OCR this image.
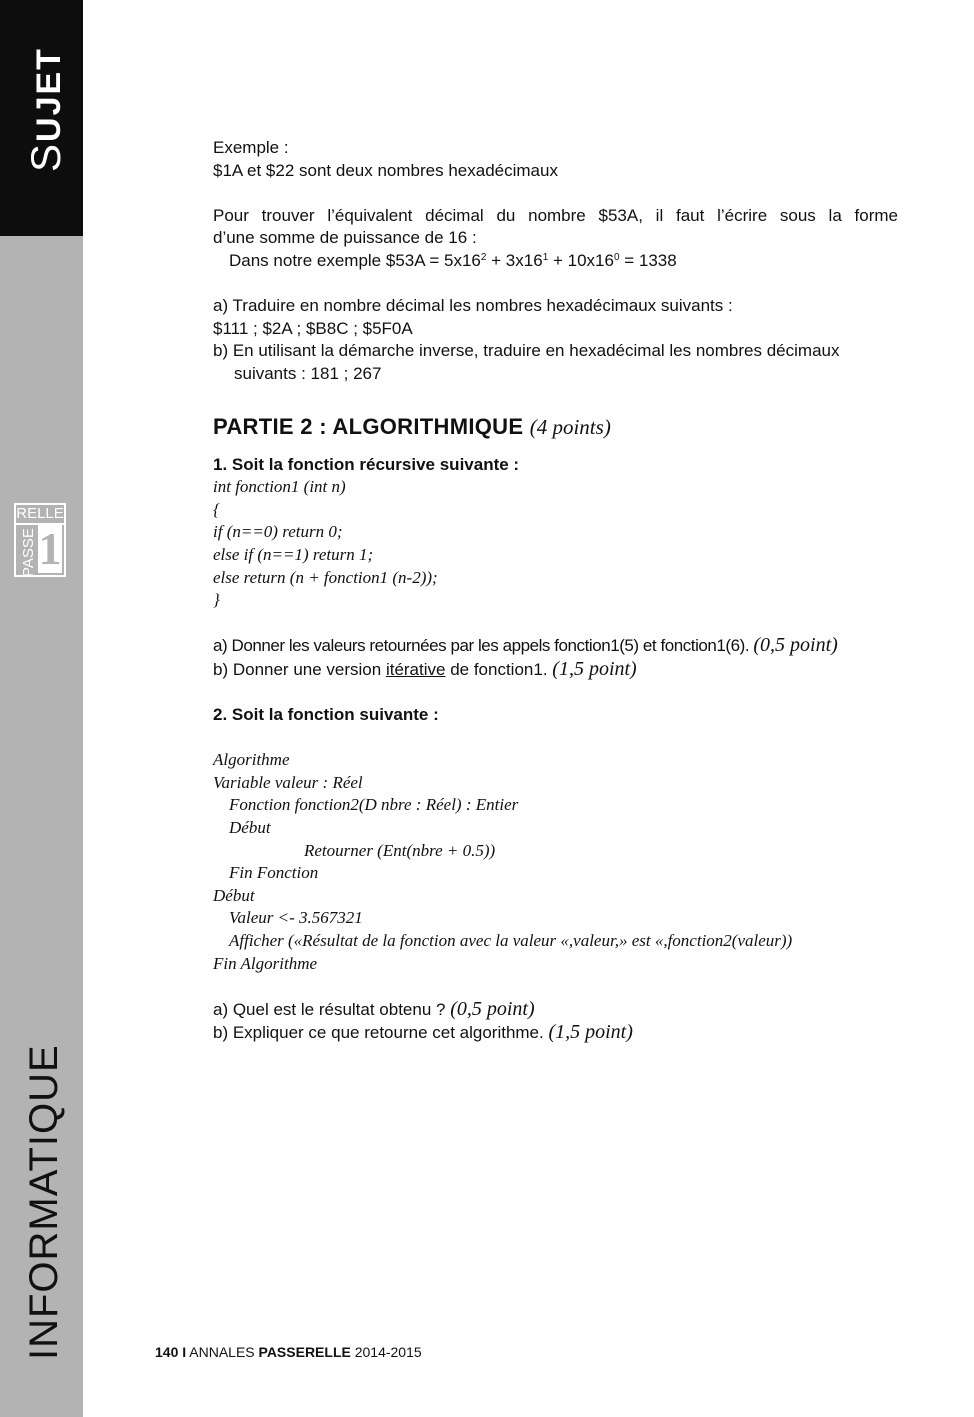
SUJET
RELLE
PASSE 1
INFORMATIQUE
Exemple :
$1A et $22 sont deux nombres hexadécimaux
Pour trouver l’équivalent décimal du nombre $53A, il faut l’écrire sous la forme
d’une somme de puissance de 16 :
Dans notre exemple $53A = $5x16^2 + 3x16^1 + 10x16^0 = 1338$
a) Traduire en nombre décimal les nombres hexadécimaux suivants :
$111 ; $2A ; $B8C ; $5F0A
b) En utilisant la démarche inverse, traduire en hexadécimal les nombres décimaux
suivants : 181 ; 267
PARTIE 2 : ALGORITHMIQUE (4 points)
1. Soit la fonction récursive suivante :
int fonction1 (int n)
{
if (n==0) return 0;
else if (n==1) return 1;
else return (n + fonction1 (n-2));
}
a) Donner les valeurs retournées par les appels fonction1(5) et fonction1(6). (0,5 point)
b) Donner une version itérative de fonction1. (1,5 point)
2. Soit la fonction suivante :
Algorithme
Variable valeur : Réel
Fonction fonction2(D nbre : Réel) : Entier
Début
Retourner (Ent(nbre + 0.5))
Fin Fonction
Début
Valeur <- 3.567321
Afficher («Résultat de la fonction avec la valeur «,valeur,» est «,fonction2(valeur))
Fin Algorithme
a) Quel est le résultat obtenu ? (0,5 point)
b) Expliquer ce que retourne cet algorithme. (1,5 point)
140 I ANNALES PASSERELLE 2014-2015
